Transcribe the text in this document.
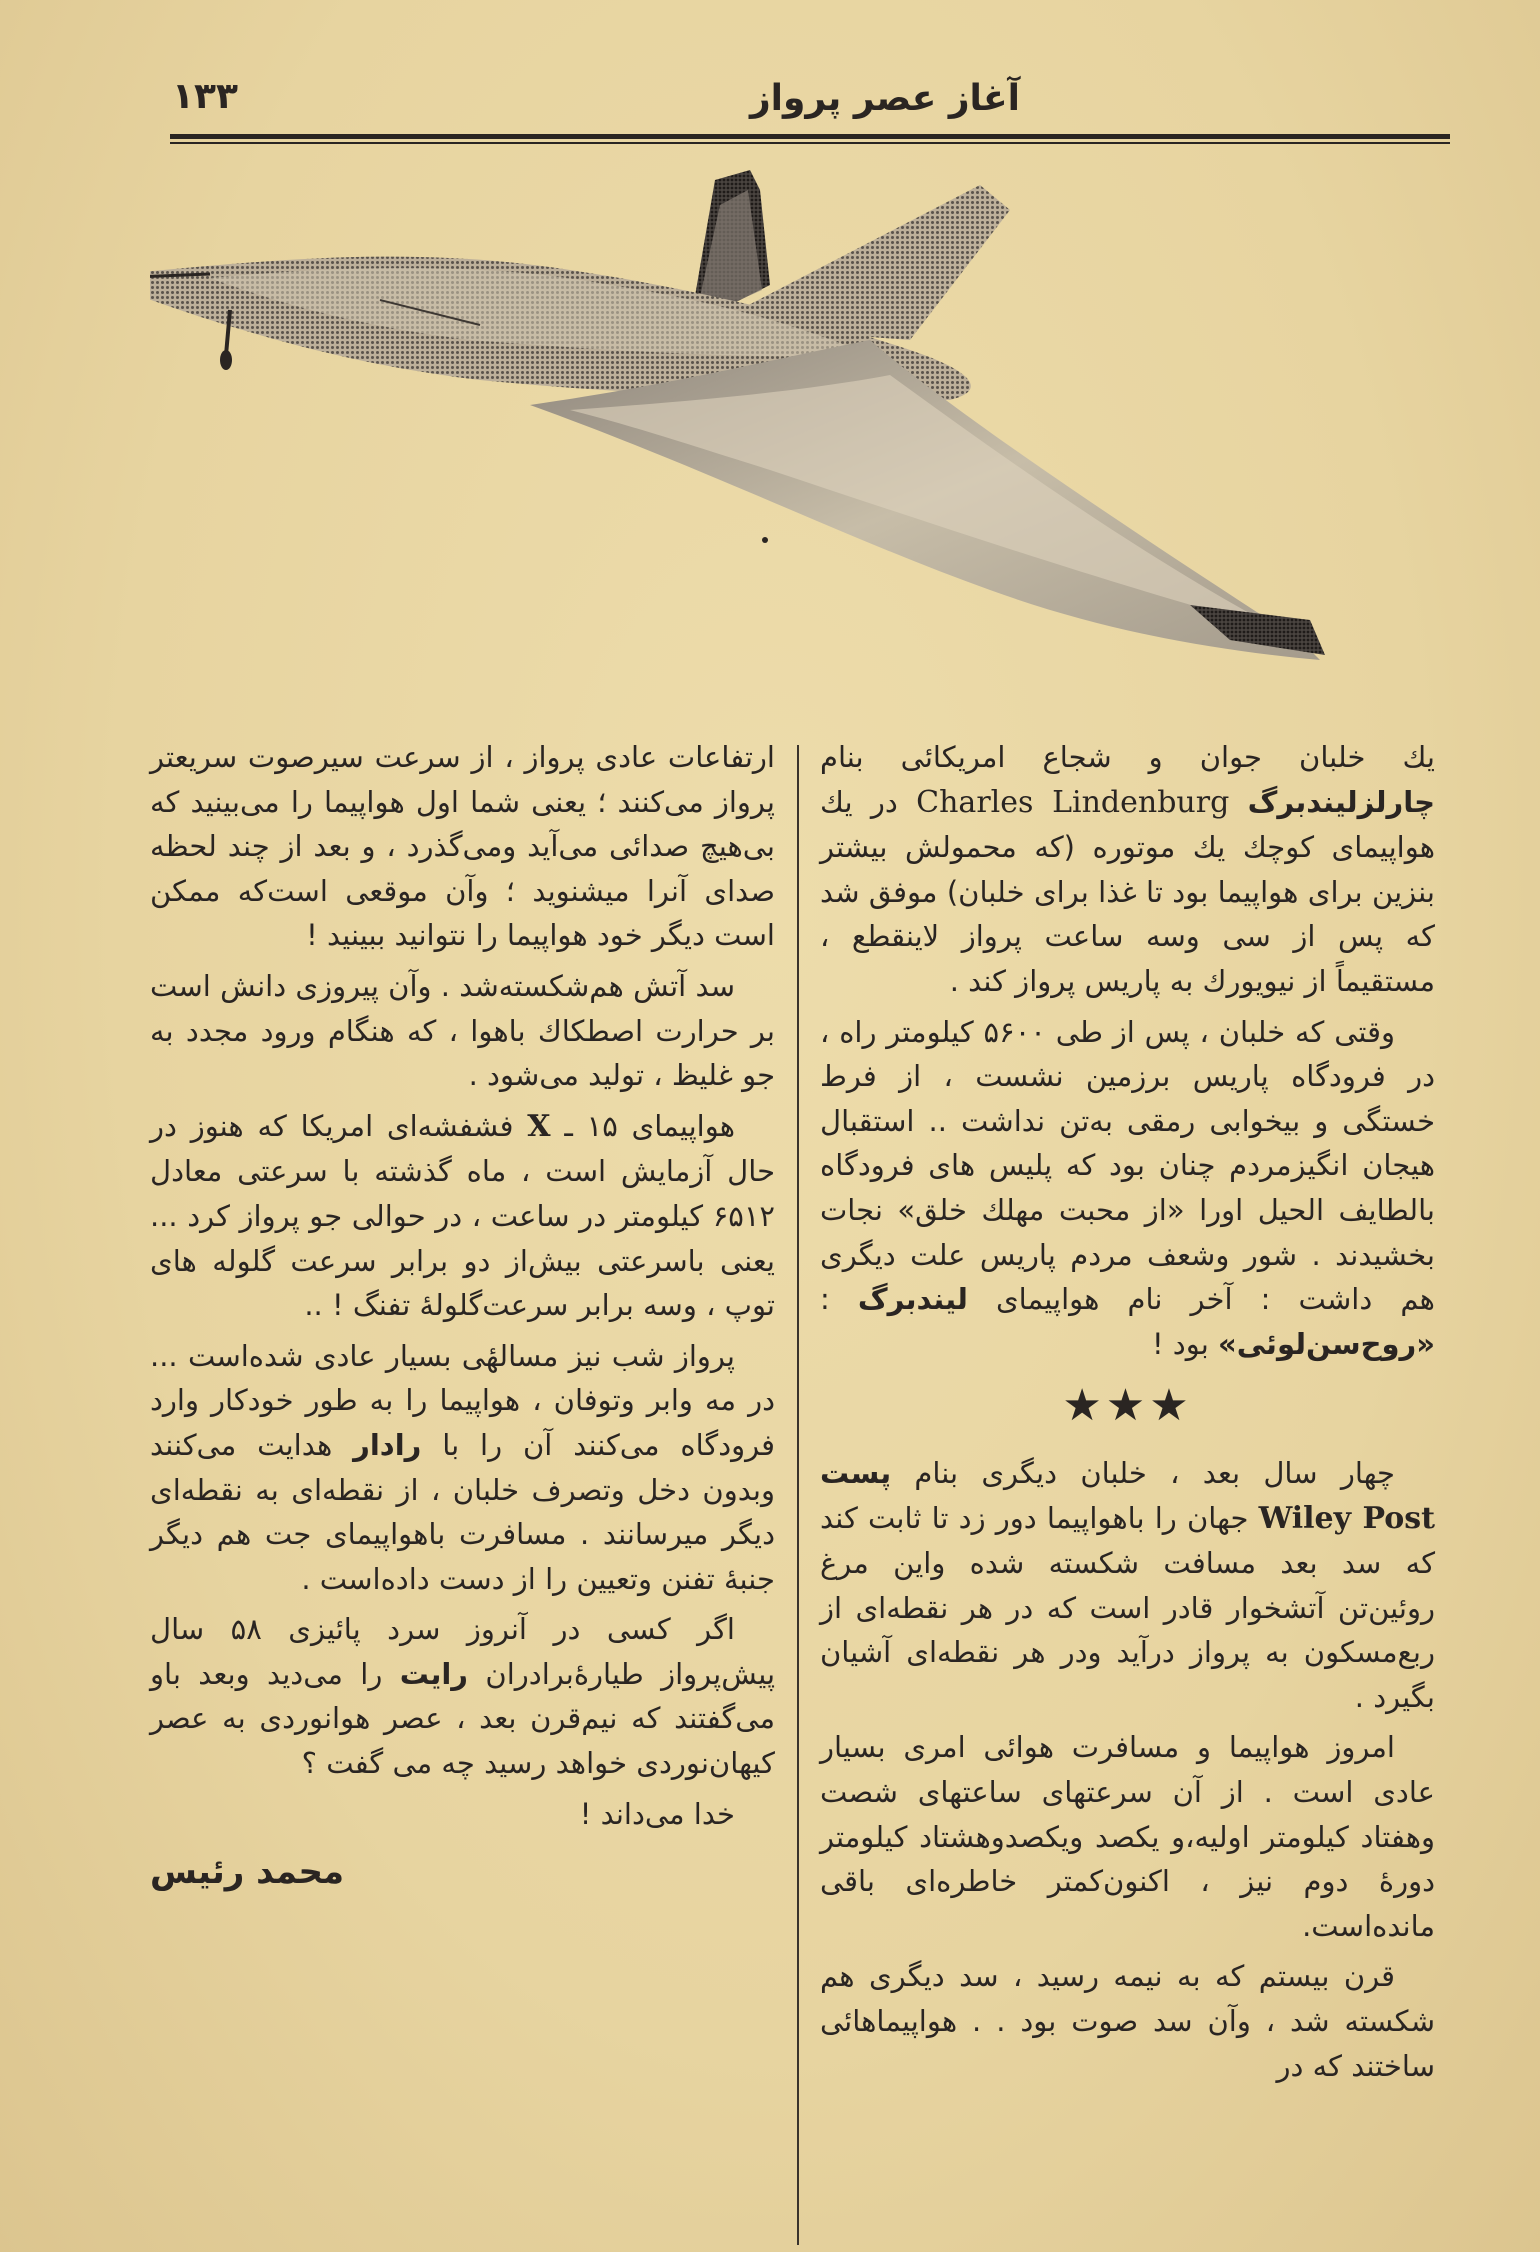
آغاز عصر پرواز
۱۳۳

یك خلبان جوان و شجاع امریکائی بنام چارلزلیندبرگ Charles Lindenburg در یك هواپیمای کوچك یك موتوره (که محمولش بیشتر بنزین برای هواپیما بود تا غذا برای خلبان) موفق شد که پس از سی وسه ساعت پرواز لاینقطع ، مستقیماً از نیویورك به پاریس پرواز کند .

وقتی که خلبان ، پس از طی ۵۶۰۰ کیلومتر راه ، در فرودگاه پاریس برزمین نشست ، از فرط خستگی و بیخوابی رمقی به‌تن نداشت .. استقبال هیجان انگیزمردم چنان بود که پلیس های فرودگاه بالطایف الحیل اورا «از محبت مهلك خلق» نجات بخشیدند . شور وشعف مردم پاریس علت دیگری هم داشت : آخر نام هواپیمای لیندبرگ : «روح‌سن‌لوئی» بود !

★★★

چهار سال بعد ، خلبان دیگری بنام پست Wiley Post جهان را باهواپیما دور زد تا ثابت کند که سد بعد مسافت شکسته شده واین مرغ روئین‌تن آتشخوار قادر است که در هر نقطه‌ای از ربع‌مسکون به پرواز درآید ودر هر نقطه‌ای آشیان بگیرد .

امروز هواپیما و مسافرت هوائی امری بسیار عادی است . از آن سرعتهای ساعتهای شصت وهفتاد کیلومتر اولیه‌،و یکصد ویکصدوهشتاد کیلومتر دورهٔ دوم نیز ، اکنون‌کمتر خاطره‌ای باقی مانده‌است.

قرن بیستم که به نیمه رسید ، سد دیگری هم شکسته شد ، وآن سد صوت بود . . هواپیماهائی ساختند که در

ارتفاعات عادی پرواز ، از سرعت سیرصوت سریعتر پرواز می‌کنند ؛ یعنی شما اول هواپیما را می‌بینید که بی‌هیچ صدائی می‌آید ومی‌گذرد ، و بعد از چند لحظه صدای آنرا میشنوید ؛ وآن موقعی است‌که ممکن است دیگر خود هواپیما را نتوانید ببینید !

سد آتش هم‌شکسته‌شد . وآن پیروزی دانش است بر حرارت اصطکاك باهوا ، که هنگام ورود مجدد به جو غلیظ ، تولید می‌شود .

هواپیمای ۱۵ ـ X فشفشه‌ای امریکا که هنوز در حال آزمایش است ، ماه گذشته با سرعتی معادل ۶۵۱۲ کیلومتر در ساعت ، در حوالی جو پرواز کرد ... یعنی باسرعتی بیش‌از دو برابر سرعت گلوله های توپ ، وسه برابر سرعت‌گلولهٔ تفنگ ! ..

پرواز شب نیز مسالهٔی بسیار عادی شده‌است ... در مه وابر وتوفان ، هواپیما را به طور خودکار وارد فرودگاه می‌کنند آن را با رادار هدایت می‌کنند وبدون دخل وتصرف خلبان ، از نقطه‌ای به نقطه‌ای دیگر میرسانند . مسافرت باهواپیمای جت هم دیگر جنبهٔ تفنن وتعیین را از دست داده‌است .

اگر کسی در آنروز سرد پائیزی ۵۸ سال پیش‌پرواز طیارهٔ‌برادران رایت را می‌دید وبعد باو می‌گفتند که نیم‌قرن بعد ، عصر هوانوردی به عصر کیهان‌نوردی خواهد رسید چه می گفت ؟

خدا می‌داند !

محمد رئیس
